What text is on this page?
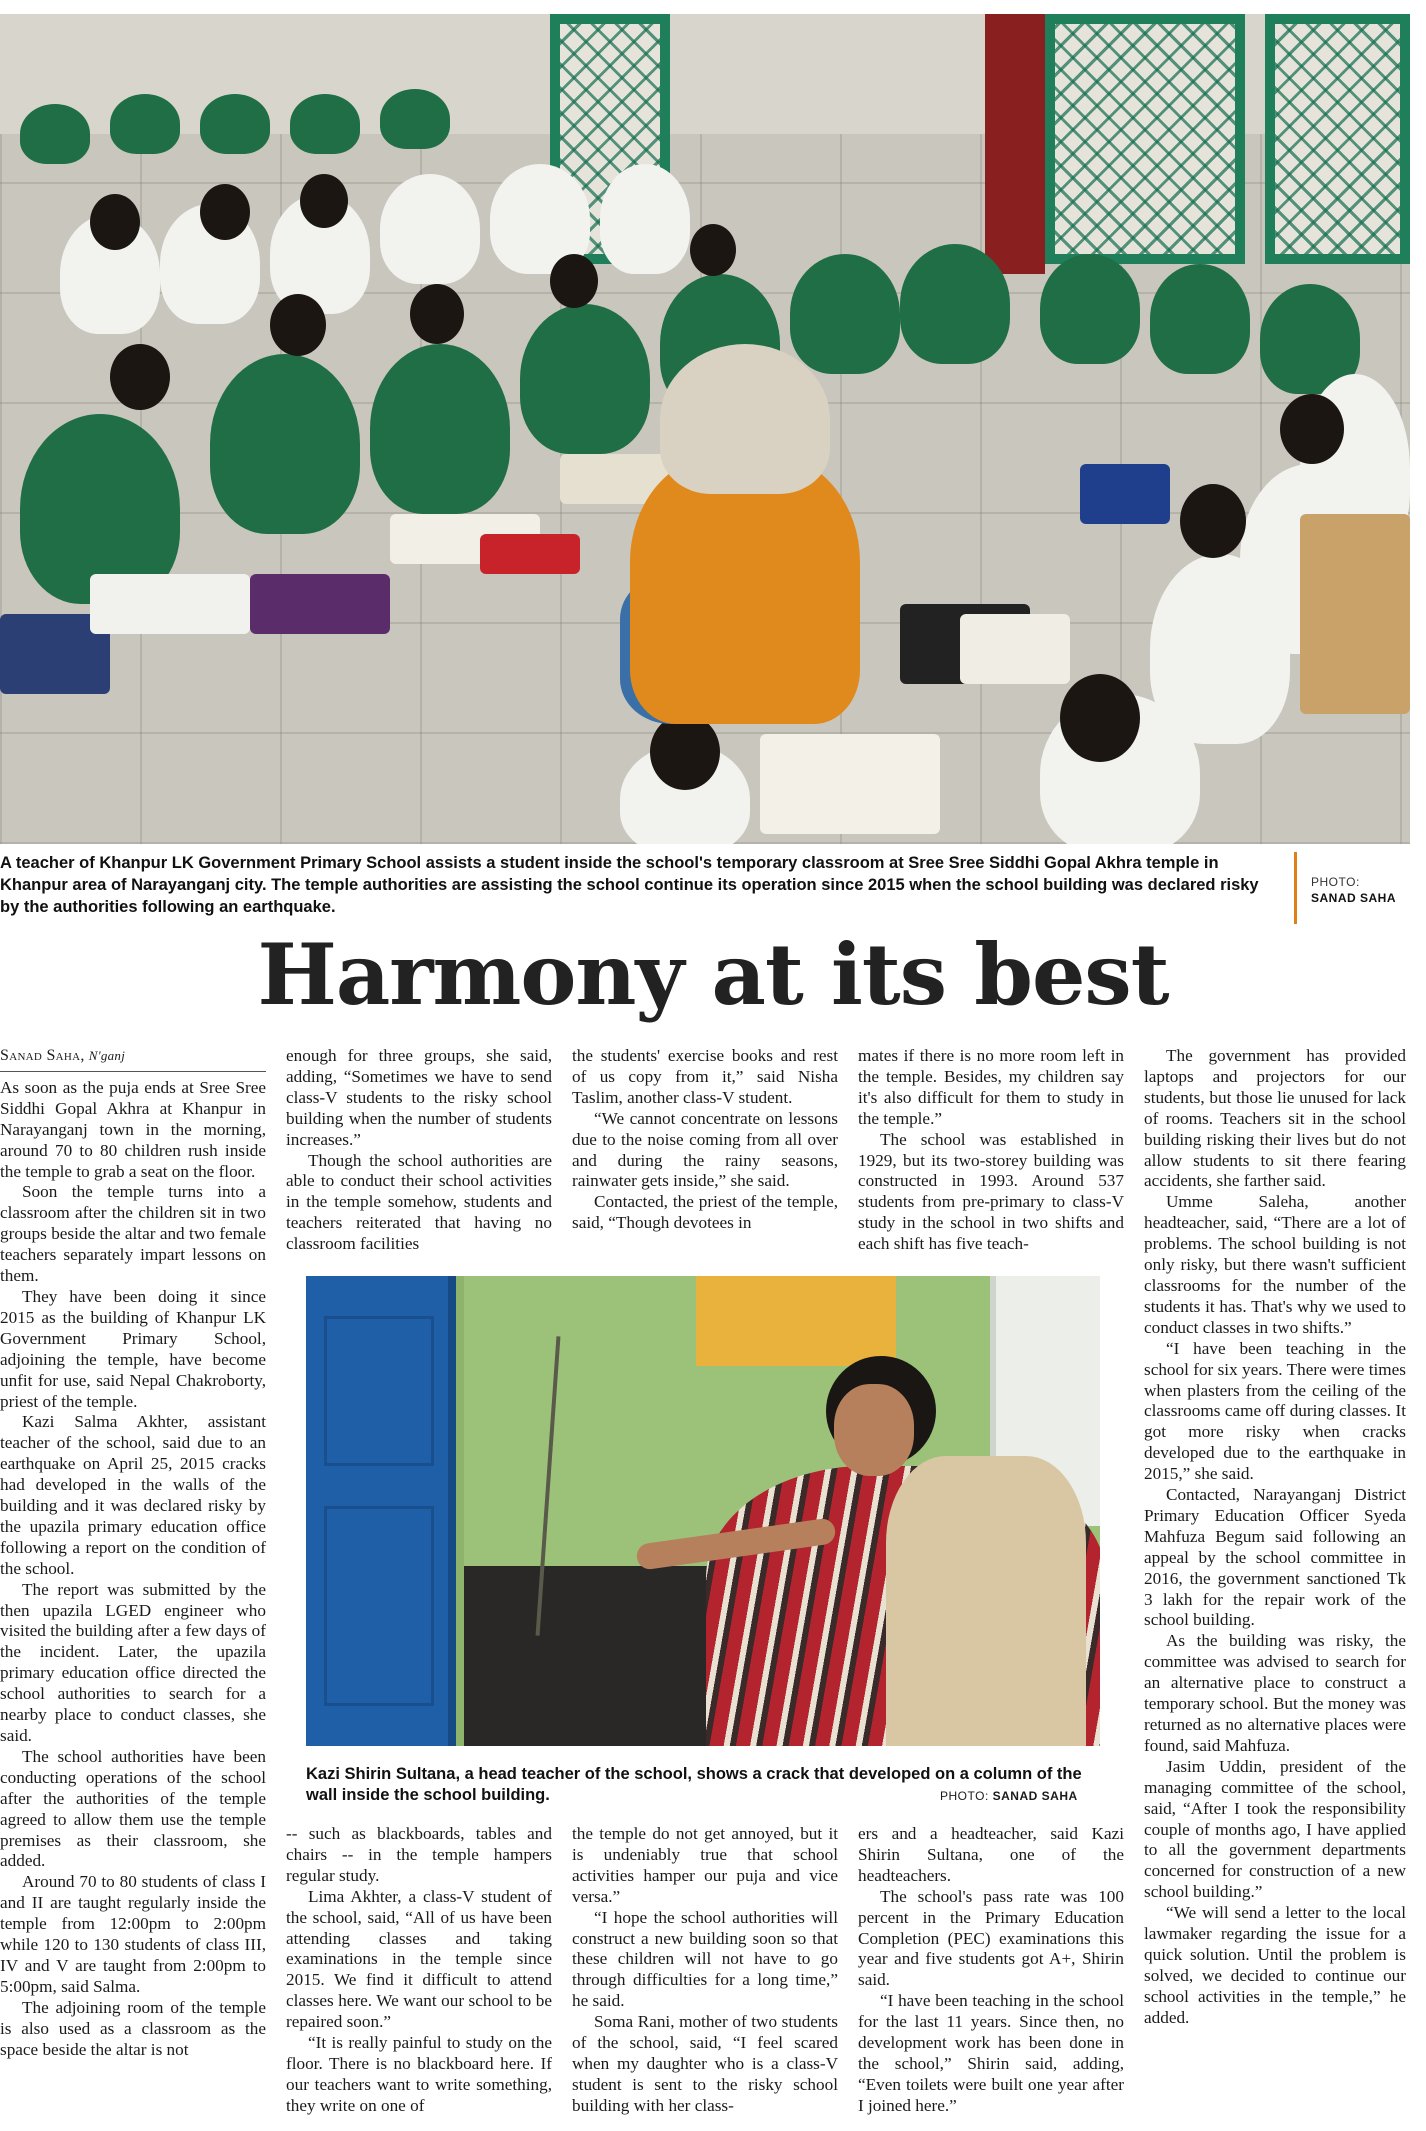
A teacher of Khanpur LK Government Primary School assists a student inside the school's temporary classroom at Sree Sree Siddhi Gopal Akhra temple in Khanpur area of Narayanganj city. The temple authorities are assisting the school continue its operation since 2015 when the school building was declared risky by the authorities following an earthquake.
PHOTO:
SANAD SAHA
Harmony at its best
Sanad Saha, N'ganj

As soon as the puja ends at Sree Sree Siddhi Gopal Akhra at Khanpur in Narayanganj town in the morning, around 70 to 80 children rush inside the temple to grab a seat on the floor.

Soon the temple turns into a classroom after the children sit in two groups beside the altar and two female teachers separately impart lessons on them.

They have been doing it since 2015 as the building of Khanpur LK Government Primary School, adjoining the temple, have become unfit for use, said Nepal Chakroborty, priest of the temple.

Kazi Salma Akhter, assistant teacher of the school, said due to an earthquake on April 25, 2015 cracks had developed in the walls of the building and it was declared risky by the upazila primary education office following a report on the condition of the school.

The report was submitted by the then upazila LGED engineer who visited the building after a few days of the incident. Later, the upazila primary education office directed the school authorities to search for a nearby place to conduct classes, she said.

The school authorities have been conducting operations of the school after the authorities of the temple agreed to allow them use the temple premises as their classroom, she added.

Around 70 to 80 students of class I and II are taught regularly inside the temple from 12:00pm to 2:00pm while 120 to 130 students of class III, IV and V are taught from 2:00pm to 5:00pm, said Salma.

The adjoining room of the temple is also used as a classroom as the space beside the altar is not

enough for three groups, she said, adding, “Sometimes we have to send class-V students to the risky school building when the number of students increases.”

Though the school authorities are able to conduct their school activities in the temple somehow, students and teachers reiterated that having no classroom facilities

-- such as blackboards, tables and chairs -- in the temple hampers regular study.

Lima Akhter, a class-V student of the school, said, “All of us have been attending classes and taking examinations in the temple since 2015. We find it difficult to attend classes here. We want our school to be repaired soon.”

“It is really painful to study on the floor. There is no blackboard here. If our teachers want to write something, they write on one of

the students' exercise books and rest of us copy from it,” said Nisha Taslim, another class-V student.

“We cannot concentrate on lessons due to the noise coming from all over and during the rainy seasons, rainwater gets inside,” she said.

Contacted, the priest of the temple, said, “Though devotees in

the temple do not get annoyed, but it is undeniably true that school activities hamper our puja and vice versa.”

“I hope the school authorities will construct a new building soon so that these children will not have to go through difficulties for a long time,” he said.

Soma Rani, mother of two students of the school, said, “I feel scared when my daughter who is a class-V student is sent to the risky school building with her class-

mates if there is no more room left in the temple. Besides, my children say it's also difficult for them to study in the temple.”

The school was established in 1929, but its two-storey building was constructed in 1993. Around 537 students from pre-primary to class-V study in the school in two shifts and each shift has five teach-

ers and a headteacher, said Kazi Shirin Sultana, one of the headteachers.

The school's pass rate was 100 percent in the Primary Education Completion (PEC) examinations this year and five students got A+, Shirin said.

“I have been teaching in the school for the last 11 years. Since then, no development work has been done in the school,” Shirin said, adding, “Even toilets were built one year after I joined here.”

The government has provided laptops and projectors for our students, but those lie unused for lack of rooms. Teachers sit in the school building risking their lives but do not allow students to sit there fearing accidents, she farther said.

Umme Saleha, another headteacher, said, “There are a lot of problems. The school building is not only risky, but there wasn't sufficient classrooms for the number of the students it has. That's why we used to conduct classes in two shifts.”

“I have been teaching in the school for six years. There were times when plasters from the ceiling of the classrooms came off during classes. It got more risky when cracks developed due to the earthquake in 2015,” she said.

Contacted, Narayanganj District Primary Education Officer Syeda Mahfuza Begum said following an appeal by the school committee in 2016, the government sanctioned Tk 3 lakh for the repair work of the school building.

As the building was risky, the committee was advised to search for an alternative place to construct a temporary school. But the money was returned as no alternative places were found, said Mahfuza.

Jasim Uddin, president of the managing committee of the school, said, “After I took the responsibility couple of months ago, I have applied to all the government departments concerned for construction of a new school building.”

“We will send a letter to the local lawmaker regarding the issue for a quick solution. Until the problem is solved, we decided to continue our school activities in the temple,” he added.

Kazi Shirin Sultana, a head teacher of the school, shows a crack that developed on a column of the wall inside the school building.	PHOTO: SANAD SAHA
